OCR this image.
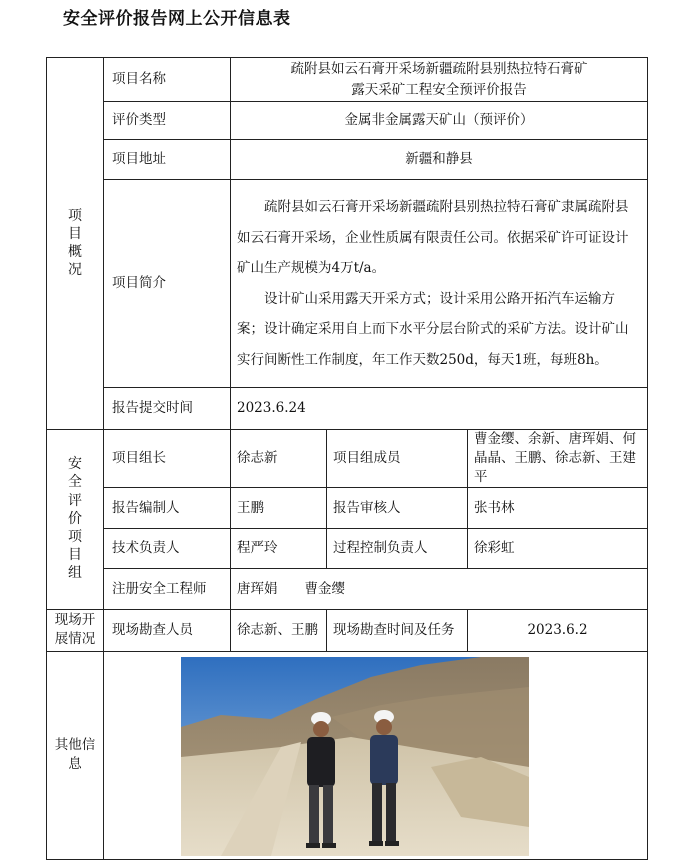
安全评价报告网上公开信息表
项目概况	项目名称	疏附县如云石膏开采场新疆疏附县别热拉特石膏矿
露天采矿工程安全预评价报告		

	评价类型	金属非金属露天矿山（预评价）		
	项目地址	新疆和静县		
	项目简介	疏附县如云石膏开采场新疆疏附县别热拉特石膏矿隶属疏附县如云石膏开采场，企业性质属有限责任公司。依据采矿许可证设计矿山生产规模为4万t/a。

设计矿山采用露天开采方式；设计采用公路开拓汽车运输方案；设计确定采用自上而下水平分层台阶式的采矿方法。设计矿山实行间断性工作制度，年工作天数250d，每天1班，每班8h。		

	报告提交时间	2023.6.24		
安全评价项目组	项目组长	徐志新	项目组成员	曹金缨、余新、唐珲娟、何晶晶、王鹏、徐志新、王建平
	报告编制人	王鹏	报告审核人	张书林
	技术负责人	程严玲	过程控制负责人	徐彩虹
	注册安全工程师	唐珲娟　　曹金缨		

现场开展情况	现场勘查人员	徐志新、王鹏	现场勘查时间及任务	2023.6.2

其他信息
